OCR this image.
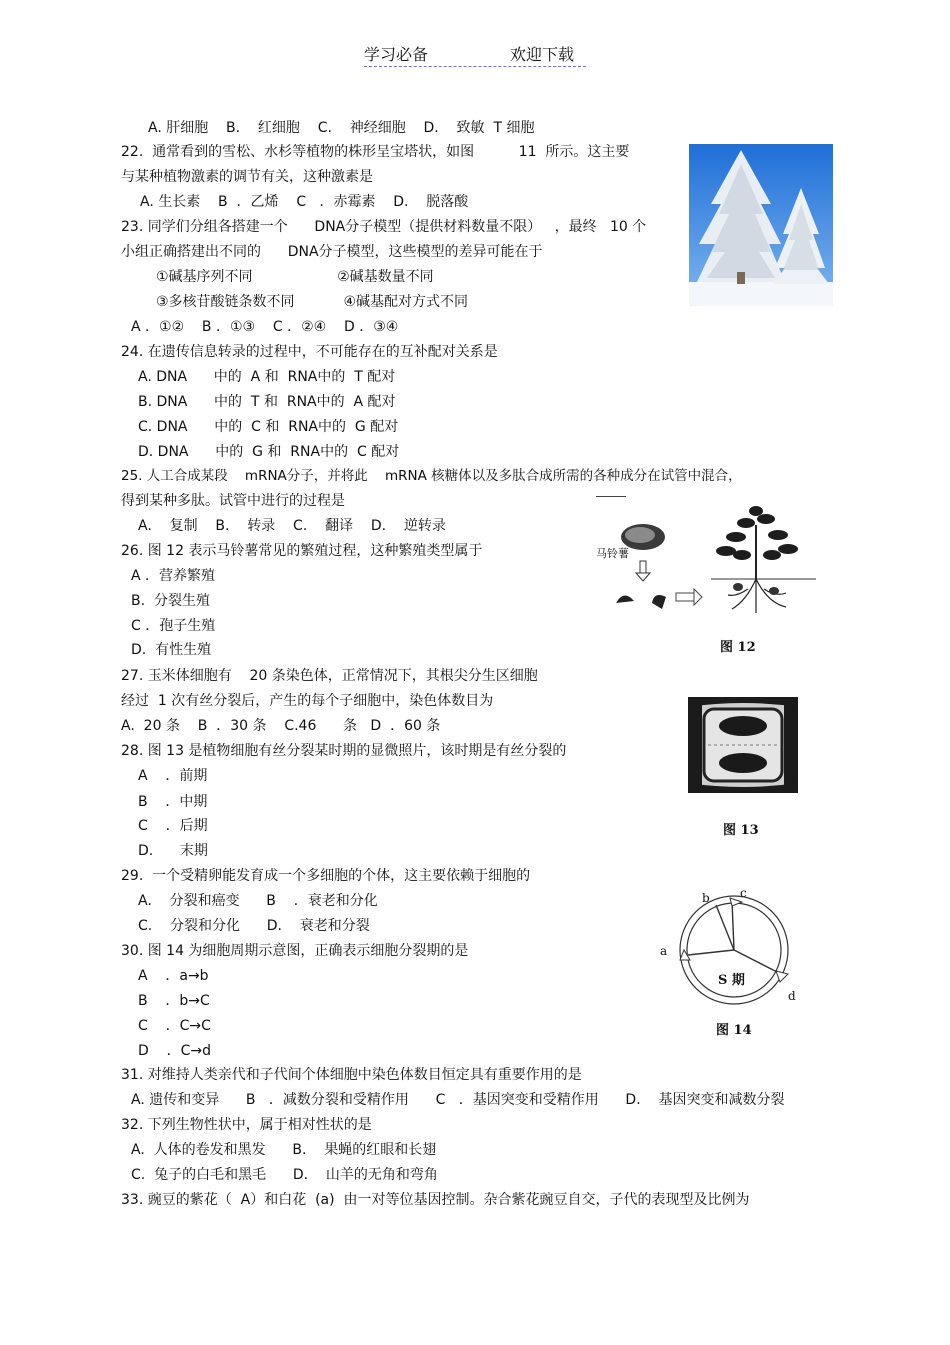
学习必备	欢迎下载
A. 肝细胞    B.    红细胞    C.    神经细胞    D.    致敏  T 细胞
22.  通常看到的雪松、水杉等植物的株形呈宝塔状，如图          11  所示。这主要
与某种植物激素的调节有关，这种激素是
A. 生长素    B  ．乙烯    C   ．赤霉素    D.    脱落酸
23. 同学们分组各搭建一个      DNA分子模型（提供材料数量不限）   ，最终   10 个
小组正确搭建出不同的      DNA分子模型，这些模型的差异可能在于
①碱基序列不同                   ②碱基数量不同
③多核苷酸链条数不同           ④碱基配对方式不同
A ．①②    B ．①③    C ．②④    D ．③④
24. 在遗传信息转录的过程中，不可能存在的互补配对关系是
A. DNA      中的  A 和  RNA中的  T 配对
B. DNA      中的  T 和  RNA中的  A 配对
C. DNA      中的  C 和  RNA中的  G 配对
D. DNA      中的  G 和  RNA中的  C 配对
25. 人工合成某段    mRNA分子，并将此    mRNA 核糖体以及多肽合成所需的各种成分在试管中混合，
得到某种多肽。试管中进行的过程是
A.    复制    B.    转录    C.    翻译    D.    逆转录
26. 图 12 表示马铃薯常见的繁殖过程，这种繁殖类型属于
A ．营养繁殖
B.  分裂生殖
C ．孢子生殖
D.  有性生殖
27. 玉米体细胞有    20 条染色体，正常情况下，其根尖分生区细胞
经过  1 次有丝分裂后，产生的每个子细胞中，染色体数目为
A.  20 条    B  ．30 条    C.46      条   D  ．60 条
28. 图 13 是植物细胞有丝分裂某时期的显微照片，该时期是有丝分裂的
A    ．前期
B    ．中期
C    ．后期
D.      末期
29.  一个受精卵能发育成一个多细胞的个体，这主要依赖于细胞的
A.    分裂和癌变      B    ．衰老和分化
C.    分裂和分化      D.    衰老和分裂
30. 图 14 为细胞周期示意图，正确表示细胞分裂期的是
A    ．a→b
B    ．b→C
C    ．C→C
D    ．C→d
31. 对维持人类亲代和子代间个体细胞中染色体数目恒定具有重要作用的是
A. 遗传和变异      B   ．减数分裂和受精作用      C   ．基因突变和受精作用      D.    基因突变和减数分裂
32. 下列生物性状中，属于相对性状的是
A.  人体的卷发和黑发      B.    果蝇的红眼和长翅
C.  兔子的白毛和黑毛      D.    山羊的无角和弯角
33. 豌豆的紫花（  A）和白花  (a)  由一对等位基因控制。杂合紫花豌豆自交，子代的表现型及比例为
马铃薯
图 12
图 13
S 期
b	c
a
d
图 14
